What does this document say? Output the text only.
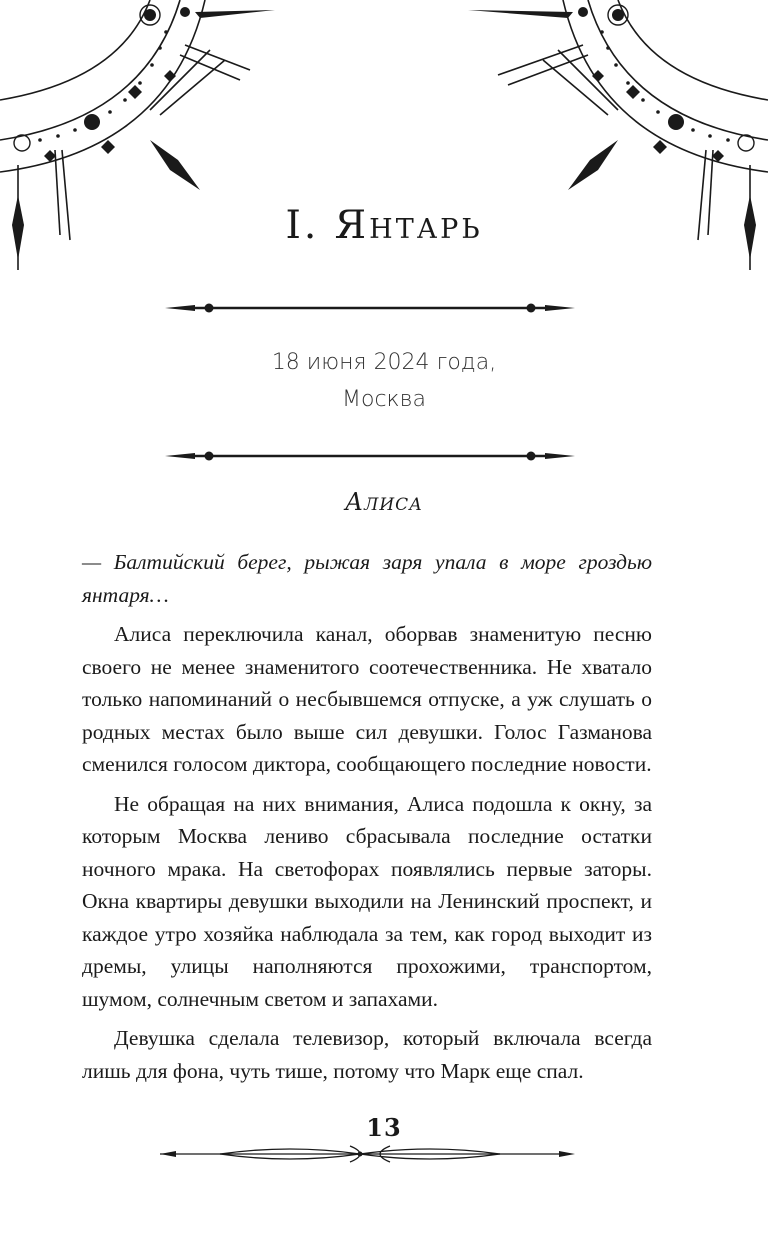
I. Янтарь
18 июня 2024 года,
Москва
Алиса

— Балтийский берег, рыжая заря упала в море гроздью янтаря…

Алиса переключила канал, оборвав знаменитую песню своего не менее знаменитого соотечественника. Не хватало только напоминаний о несбывшемся отпуске, а уж слушать о родных местах было выше сил девушки. Голос Газманова сменился голосом диктора, сообщающего последние новости.

Не обращая на них внимания, Алиса подошла к окну, за которым Москва лениво сбрасывала последние остатки ночного мрака. На светофорах появлялись первые заторы. Окна квартиры девушки выходили на Ленинский проспект, и каждое утро хозяйка наблюдала за тем, как город выходит из дремы, улицы наполняются прохожими, транспортом, шумом, солнечным светом и запахами.

Девушка сделала телевизор, который включала всегда лишь для фона, чуть тише, потому что Марк еще спал.

13
